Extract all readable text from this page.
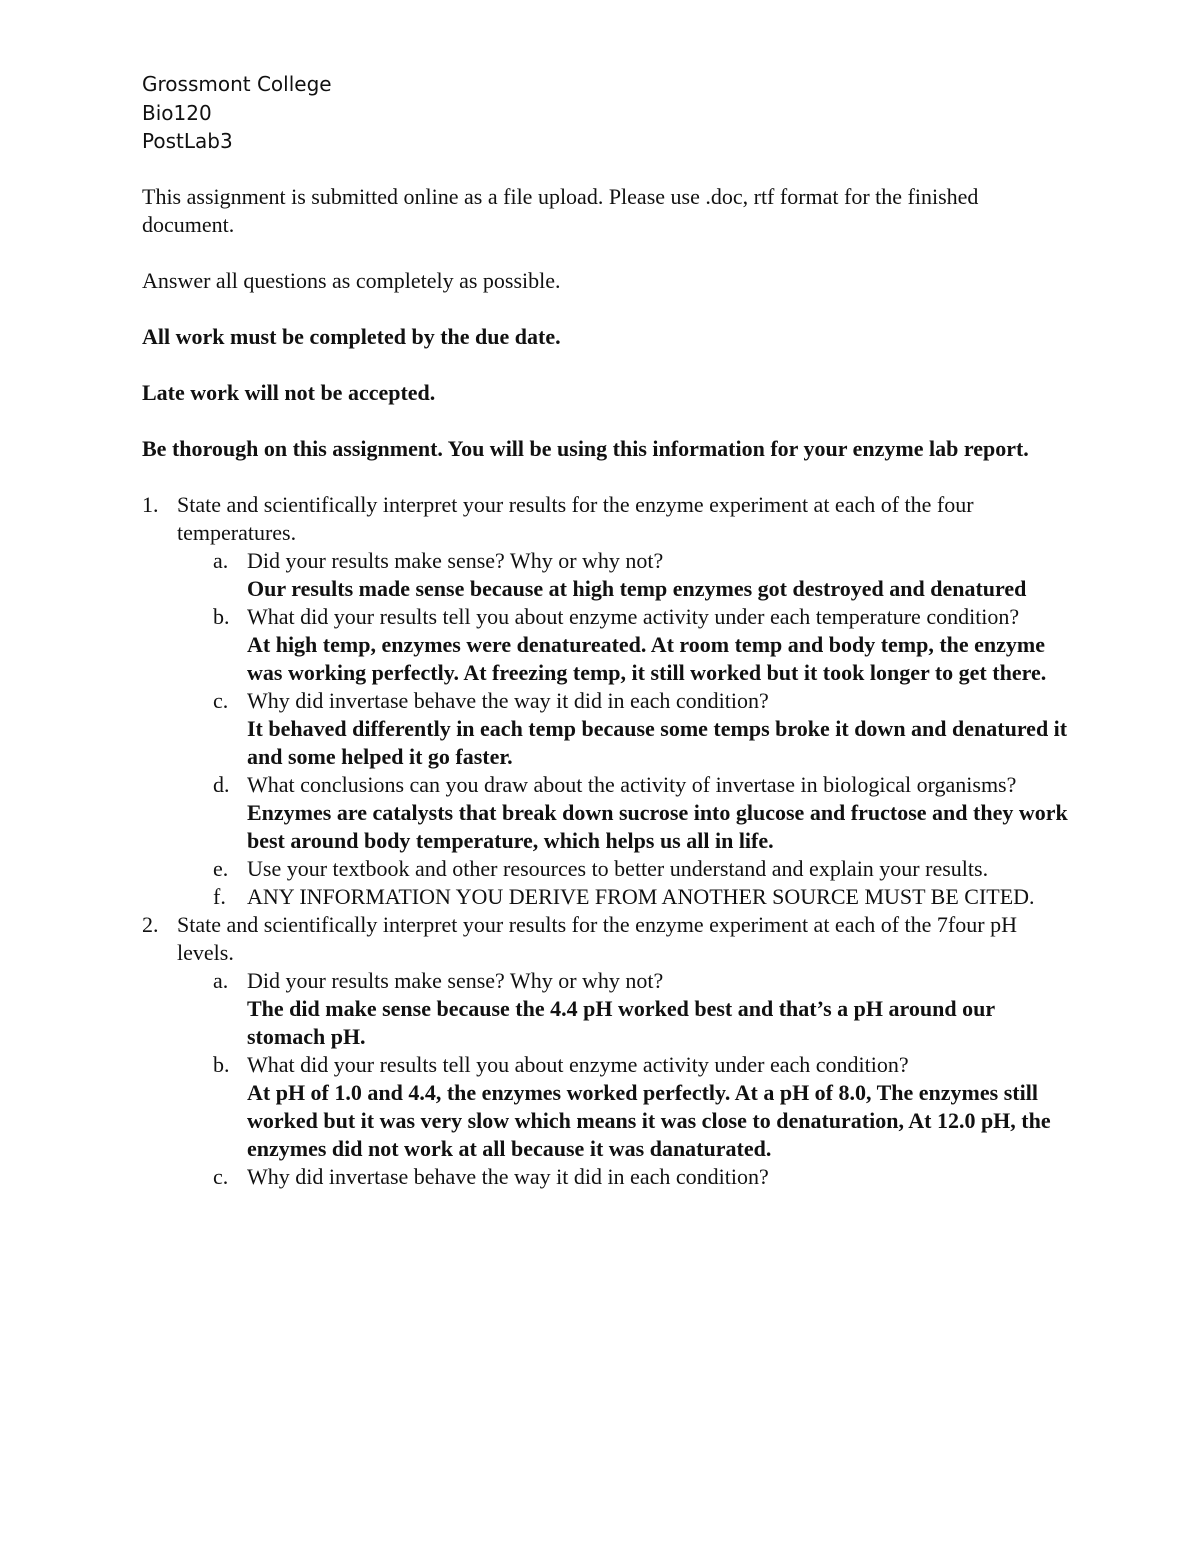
Grossmont College
Bio120
PostLab3

This assignment is submitted online as a file upload. Please use .doc, rtf format for the finished document.

Answer all questions as completely as possible.

All work must be completed by the due date.

Late work will not be accepted.

Be thorough on this assignment. You will be using this information for your enzyme lab report.

1. State and scientifically interpret your results for the enzyme experiment at each of the four temperatures.
a. Did your results make sense? Why or why not?
Our results made sense because at high temp enzymes got destroyed and denatured
b. What did your results tell you about enzyme activity under each temperature condition?
At high temp, enzymes were denatureated. At room temp and body temp, the enzyme was working perfectly. At freezing temp, it still worked but it took longer to get there.
c. Why did invertase behave the way it did in each condition?
It behaved differently in each temp because some temps broke it down and denatured it and some helped it go faster.
d. What conclusions can you draw about the activity of invertase in biological organisms?
Enzymes are catalysts that break down sucrose into glucose and fructose and they work best around body temperature, which helps us all in life.
e. Use your textbook and other resources to better understand and explain your results.
f. ANY INFORMATION YOU DERIVE FROM ANOTHER SOURCE MUST BE CITED.
2. State and scientifically interpret your results for the enzyme experiment at each of the 7four pH levels.
a. Did your results make sense? Why or why not?
The did make sense because the 4.4 pH worked best and that’s a pH around our stomach pH.
b. What did your results tell you about enzyme activity under each condition?
At pH of 1.0 and 4.4, the enzymes worked perfectly. At a pH of 8.0, The enzymes still worked but it was very slow which means it was close to denaturation, At 12.0 pH, the enzymes did not work at all because it was danaturated.
c. Why did invertase behave the way it did in each condition?
